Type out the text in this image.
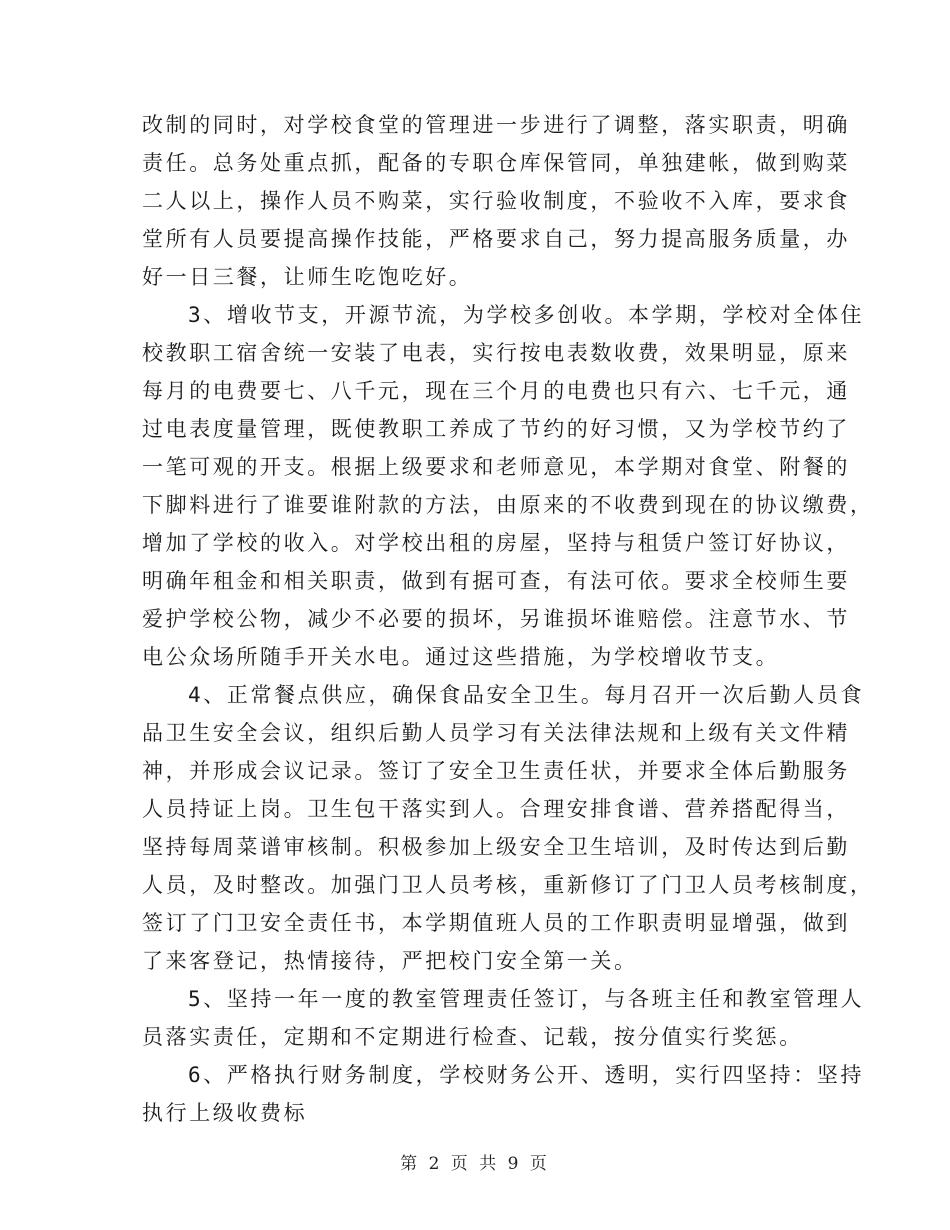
改制的同时，对学校食堂的管理进一步进行了调整，落实职责，明确
责任。总务处重点抓，配备的专职仓库保管同，单独建帐，做到购菜
二人以上，操作人员不购菜，实行验收制度，不验收不入库，要求食
堂所有人员要提高操作技能，严格要求自己，努力提高服务质量，办
好一日三餐，让师生吃饱吃好。
3、增收节支，开源节流，为学校多创收。本学期，学校对全体住
校教职工宿舍统一安装了电表，实行按电表数收费，效果明显，原来
每月的电费要七、八千元，现在三个月的电费也只有六、七千元，通
过电表度量管理，既使教职工养成了节约的好习惯，又为学校节约了
一笔可观的开支。根据上级要求和老师意见，本学期对食堂、附餐的
下脚料进行了谁要谁附款的方法，由原来的不收费到现在的协议缴费，
增加了学校的收入。对学校出租的房屋，坚持与租赁户签订好协议，
明确年租金和相关职责，做到有据可查，有法可依。要求全校师生要
爱护学校公物，减少不必要的损坏，另谁损坏谁赔偿。注意节水、节
电公众场所随手开关水电。通过这些措施，为学校增收节支。
4、正常餐点供应，确保食品安全卫生。每月召开一次后勤人员食
品卫生安全会议，组织后勤人员学习有关法律法规和上级有关文件精
神，并形成会议记录。签订了安全卫生责任状，并要求全体后勤服务
人员持证上岗。卫生包干落实到人。合理安排食谱、营养搭配得当，
坚持每周菜谱审核制。积极参加上级安全卫生培训，及时传达到后勤
人员，及时整改。加强门卫人员考核，重新修订了门卫人员考核制度，
签订了门卫安全责任书，本学期值班人员的工作职责明显增强，做到
了来客登记，热情接待，严把校门安全第一关。
5、坚持一年一度的教室管理责任签订，与各班主任和教室管理人
员落实责任，定期和不定期进行检查、记载，按分值实行奖惩。
6、严格执行财务制度，学校财务公开、透明，实行四坚持：坚持
执行上级收费标
第 2 页 共 9 页
